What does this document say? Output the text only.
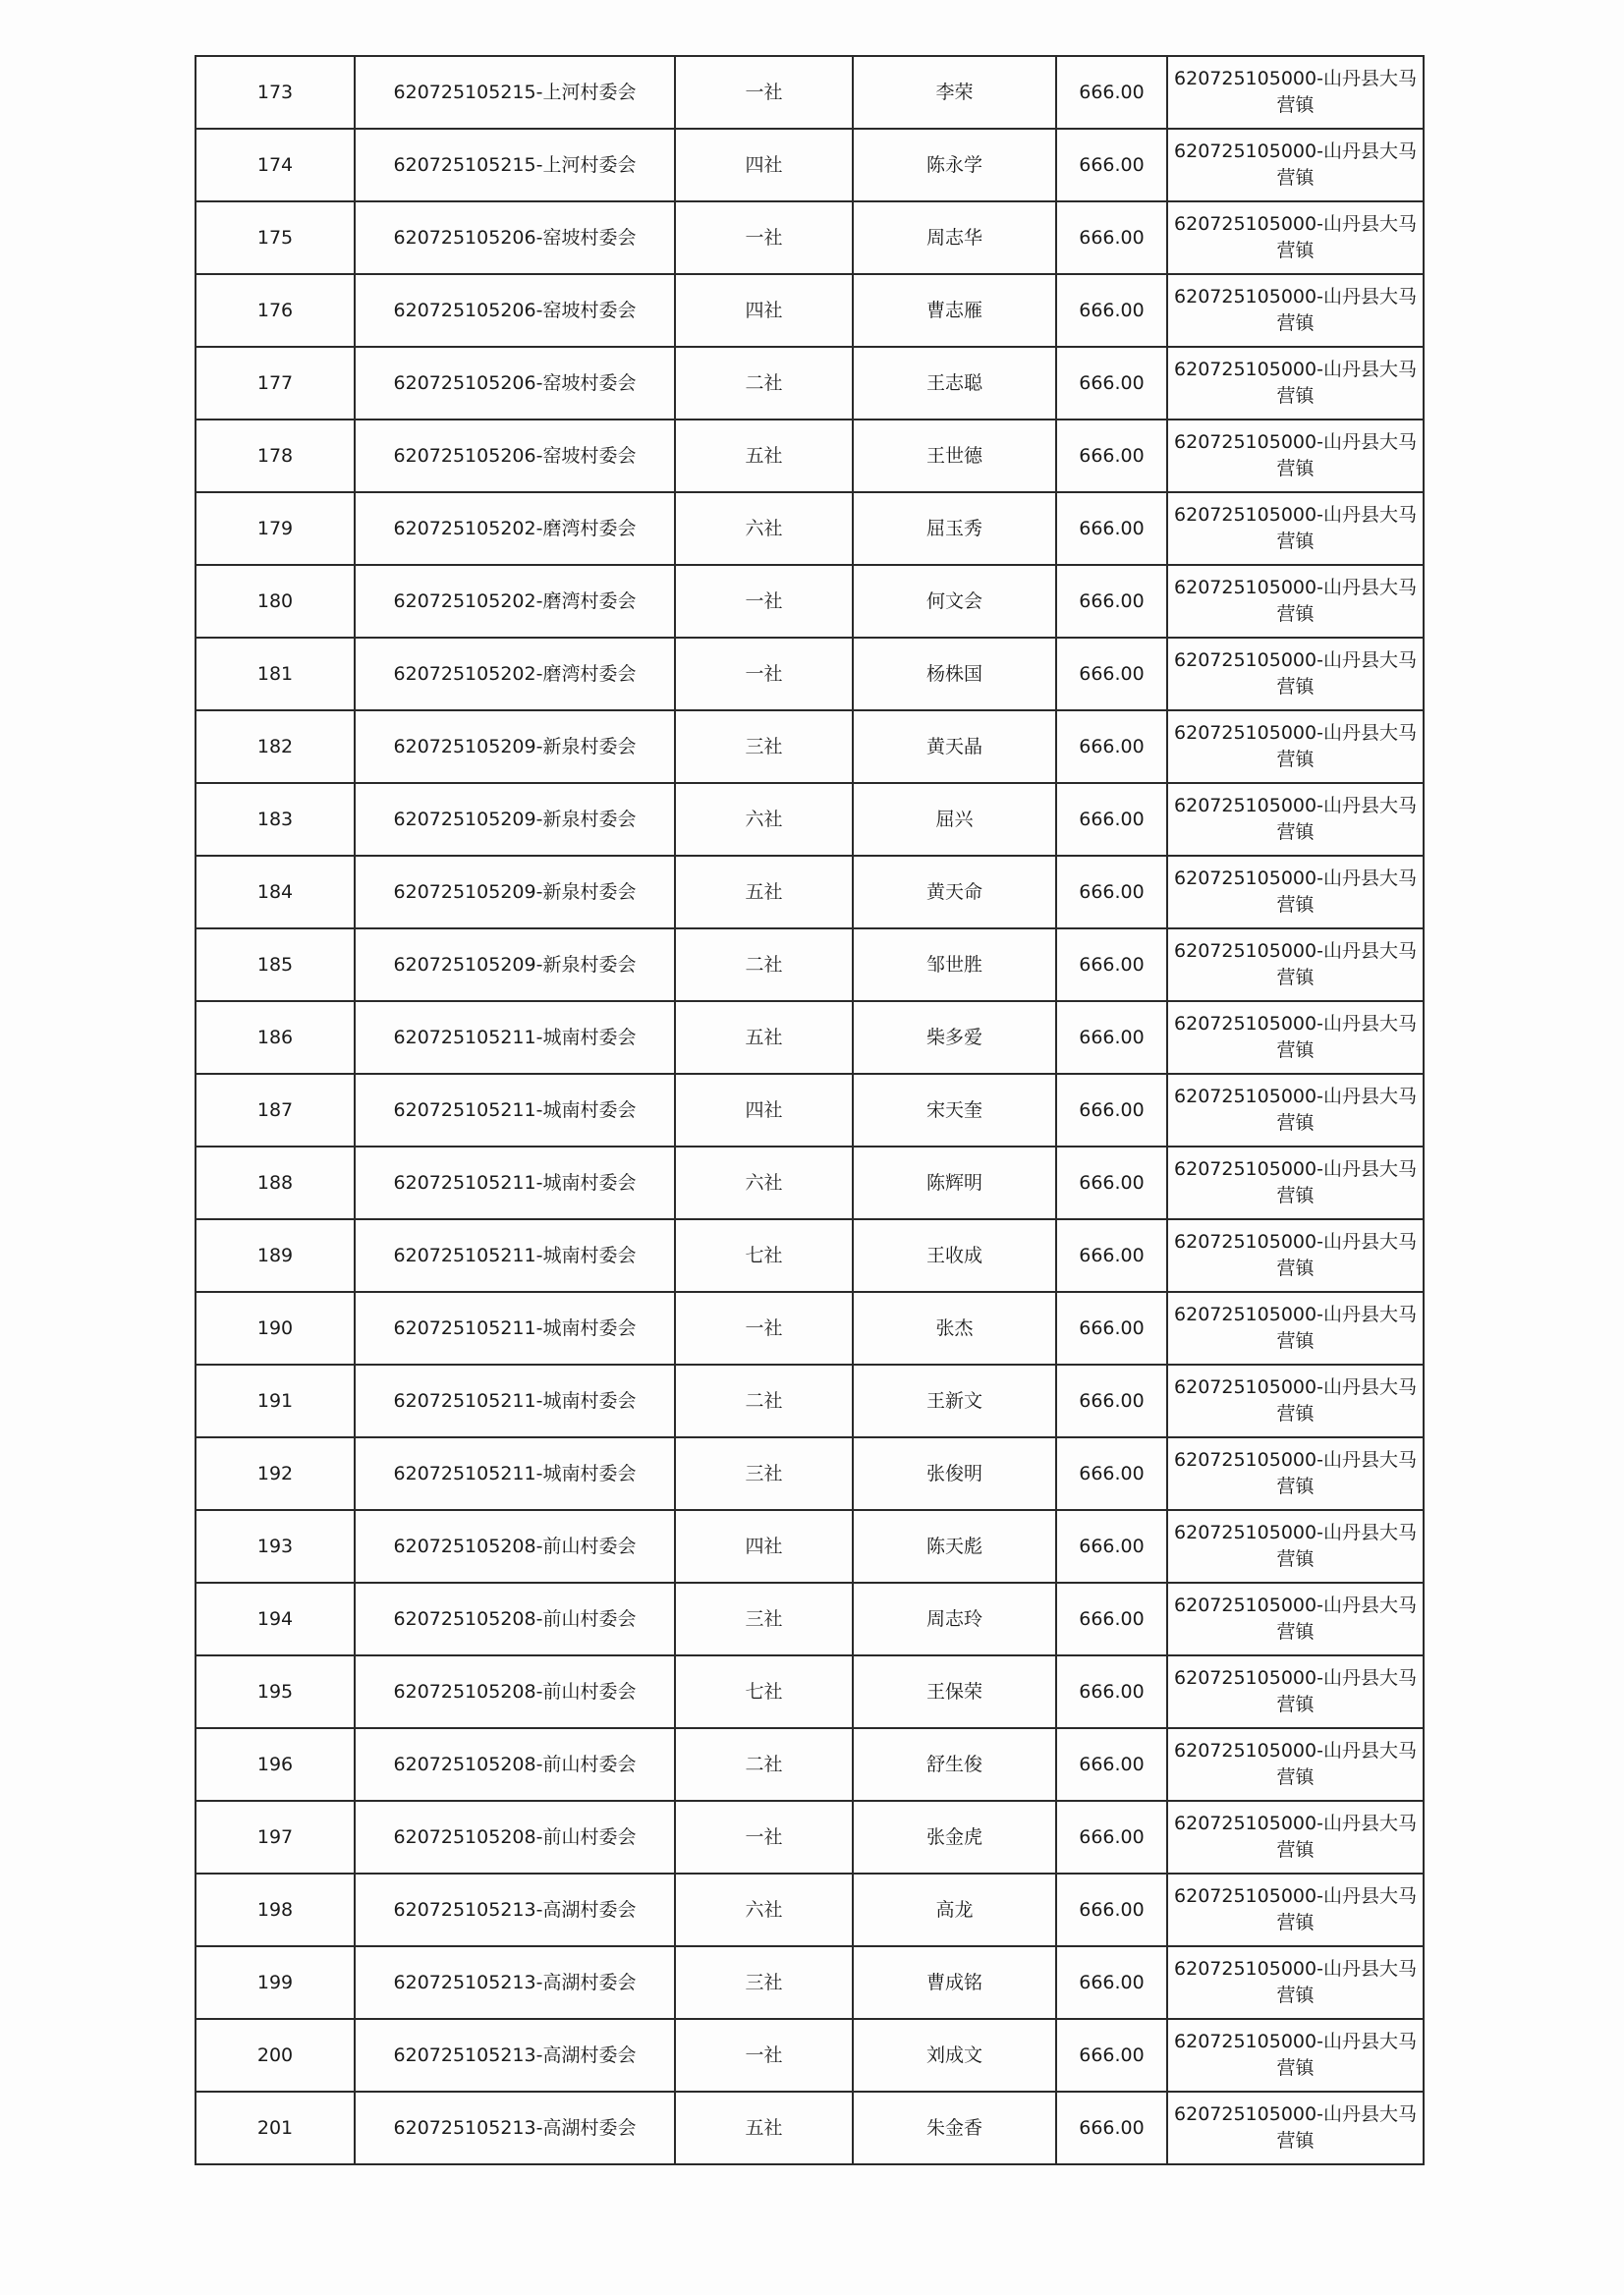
173	620725105215-上河村委会	一社	李荣	666.00	620725105000-山丹县大马
营镇

174	620725105215-上河村委会	四社	陈永学	666.00	620725105000-山丹县大马
营镇

175	620725105206-窑坡村委会	一社	周志华	666.00	620725105000-山丹县大马
营镇

176	620725105206-窑坡村委会	四社	曹志雁	666.00	620725105000-山丹县大马
营镇

177	620725105206-窑坡村委会	二社	王志聪	666.00	620725105000-山丹县大马
营镇

178	620725105206-窑坡村委会	五社	王世德	666.00	620725105000-山丹县大马
营镇

179	620725105202-磨湾村委会	六社	屈玉秀	666.00	620725105000-山丹县大马
营镇

180	620725105202-磨湾村委会	一社	何文会	666.00	620725105000-山丹县大马
营镇

181	620725105202-磨湾村委会	一社	杨株国	666.00	620725105000-山丹县大马
营镇

182	620725105209-新泉村委会	三社	黄天晶	666.00	620725105000-山丹县大马
营镇

183	620725105209-新泉村委会	六社	屈兴	666.00	620725105000-山丹县大马
营镇

184	620725105209-新泉村委会	五社	黄天命	666.00	620725105000-山丹县大马
营镇

185	620725105209-新泉村委会	二社	邹世胜	666.00	620725105000-山丹县大马
营镇

186	620725105211-城南村委会	五社	柴多爱	666.00	620725105000-山丹县大马
营镇

187	620725105211-城南村委会	四社	宋天奎	666.00	620725105000-山丹县大马
营镇

188	620725105211-城南村委会	六社	陈辉明	666.00	620725105000-山丹县大马
营镇

189	620725105211-城南村委会	七社	王收成	666.00	620725105000-山丹县大马
营镇

190	620725105211-城南村委会	一社	张杰	666.00	620725105000-山丹县大马
营镇

191	620725105211-城南村委会	二社	王新文	666.00	620725105000-山丹县大马
营镇

192	620725105211-城南村委会	三社	张俊明	666.00	620725105000-山丹县大马
营镇

193	620725105208-前山村委会	四社	陈天彪	666.00	620725105000-山丹县大马
营镇

194	620725105208-前山村委会	三社	周志玲	666.00	620725105000-山丹县大马
营镇

195	620725105208-前山村委会	七社	王保荣	666.00	620725105000-山丹县大马
营镇

196	620725105208-前山村委会	二社	舒生俊	666.00	620725105000-山丹县大马
营镇

197	620725105208-前山村委会	一社	张金虎	666.00	620725105000-山丹县大马
营镇

198	620725105213-高湖村委会	六社	高龙	666.00	620725105000-山丹县大马
营镇

199	620725105213-高湖村委会	三社	曹成铭	666.00	620725105000-山丹县大马
营镇

200	620725105213-高湖村委会	一社	刘成文	666.00	620725105000-山丹县大马
营镇

201	620725105213-高湖村委会	五社	朱金香	666.00	620725105000-山丹县大马
营镇
